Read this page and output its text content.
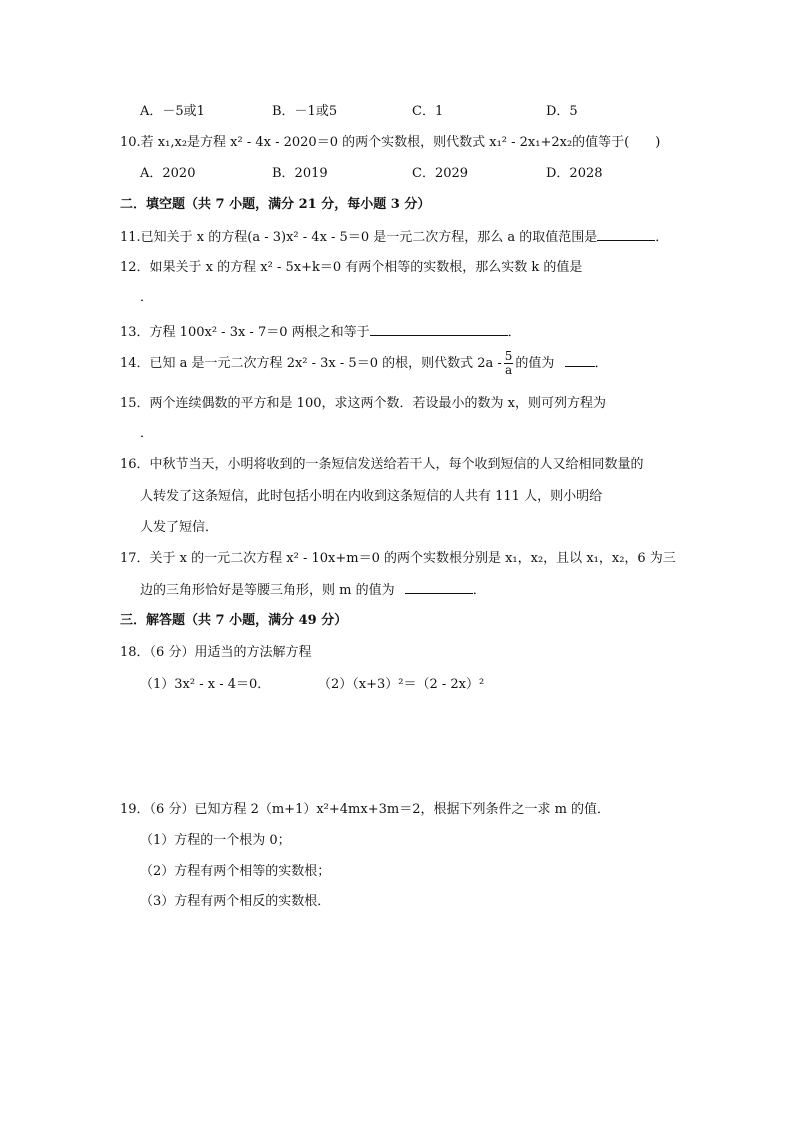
A．－5或1	B．－1或5	C．1	D．5
10.若 x₁,x₂是方程 x² - 4x - 2020＝0 的两个实数根，则代数式 x₁² - 2x₁+2x₂的值等于(　　)
A．2020	B．2019	C．2029	D．2028
二．填空题（共 7 小题，满分 21 分，每小题 3 分）
11.已知关于 x 的方程(a - 3)x² - 4x - 5＝0 是一元二次方程，那么 a 的取值范围是	．
12．如果关于 x 的方程 x² - 5x+k＝0 有两个相等的实数根，那么实数 k 的值是
．
13．方程 100x² - 3x - 7＝0 两根之和等于	．
14．已知 a 是一元二次方程 2x² - 3x - 5＝0 的根，则代数式 $2a - \frac{5}{a}$ 的值为	．
15．两个连续偶数的平方和是 100，求这两个数．若设最小的数为 x，则可列方程为
．
16．中秋节当天，小明将收到的一条短信发送给若干人，每个收到短信的人又给相同数量的
人转发了这条短信，此时包括小明在内收到这条短信的人共有 111 人，则小明给
人发了短信．
17．关于 x 的一元二次方程 x² - 10x+m＝0 的两个实数根分别是 x₁，x₂，且以 x₁，x₂，6 为三
边的三角形恰好是等腰三角形，则 m 的值为	．
三．解答题（共 7 小题，满分 49 分）
18．（6 分）用适当的方法解方程
（1）3x² - x - 4＝0．	（2）（x+3）²＝（2 - 2x）²
19．（6 分）已知方程 2（m+1）x²+4mx+3m＝2，根据下列条件之一求 m 的值．
（1）方程的一个根为 0；
（2）方程有两个相等的实数根；
（3）方程有两个相反的实数根．
